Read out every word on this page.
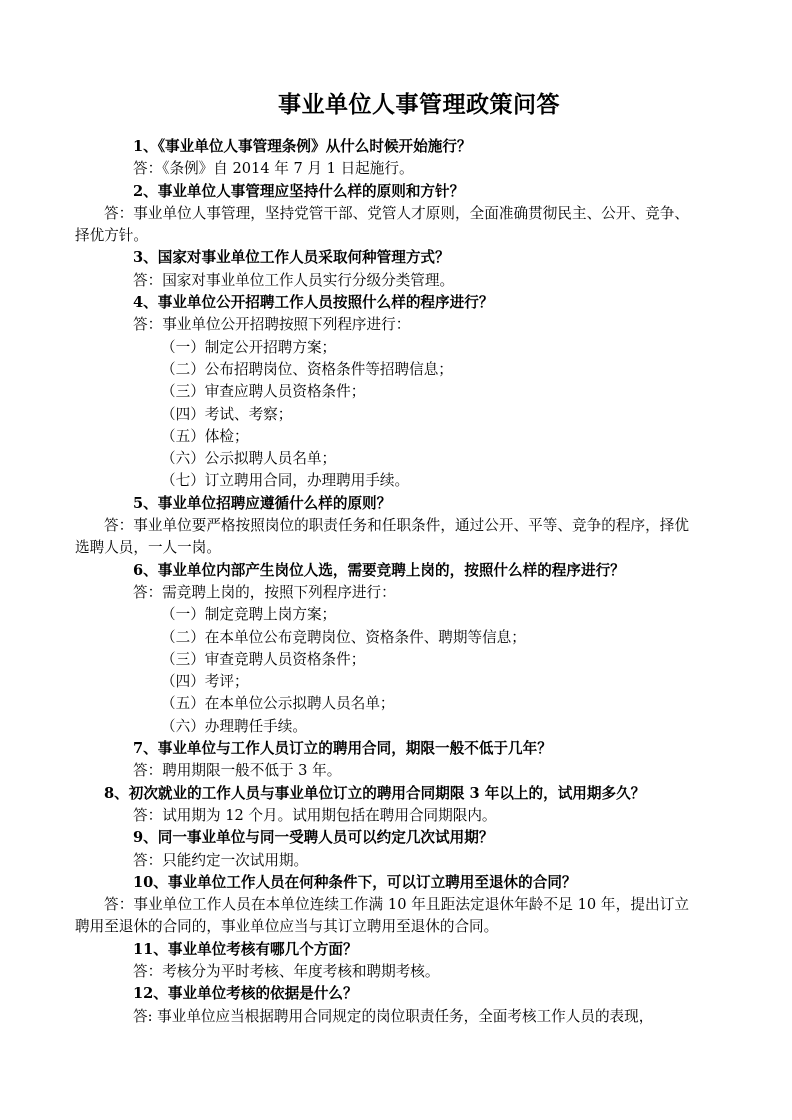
事业单位人事管理政策问答

1、《事业单位人事管理条例》从什么时候开始施行？

答：《条例》自 2014 年 7 月 1 日起施行。

2、事业单位人事管理应坚持什么样的原则和方针？

答：事业单位人事管理，坚持党管干部、党管人才原则，全面准确贯彻民主、公开、竞争、择优方针。

3、国家对事业单位工作人员采取何种管理方式？

答：国家对事业单位工作人员实行分级分类管理。

4、事业单位公开招聘工作人员按照什么样的程序进行？

答：事业单位公开招聘按照下列程序进行：

（一）制定公开招聘方案；

（二）公布招聘岗位、资格条件等招聘信息；

（三）审查应聘人员资格条件；

（四）考试、考察；

（五）体检；

（六）公示拟聘人员名单；

（七）订立聘用合同，办理聘用手续。

5、事业单位招聘应遵循什么样的原则？

答：事业单位要严格按照岗位的职责任务和任职条件，通过公开、平等、竞争的程序，择优选聘人员，一人一岗。

6、事业单位内部产生岗位人选，需要竞聘上岗的，按照什么样的程序进行？

答：需竞聘上岗的，按照下列程序进行：

（一）制定竞聘上岗方案；

（二）在本单位公布竞聘岗位、资格条件、聘期等信息；

（三）审查竞聘人员资格条件；

（四）考评；

（五）在本单位公示拟聘人员名单；

（六）办理聘任手续。

7、事业单位与工作人员订立的聘用合同，期限一般不低于几年？

答：聘用期限一般不低于 3 年。

8、初次就业的工作人员与事业单位订立的聘用合同期限 3 年以上的，试用期多久？

答：试用期为 12 个月。试用期包括在聘用合同期限内。

9、同一事业单位与同一受聘人员可以约定几次试用期？

答：只能约定一次试用期。

10、事业单位工作人员在何种条件下，可以订立聘用至退休的合同？

答：事业单位工作人员在本单位连续工作满 10 年且距法定退休年龄不足 10 年，提出订立聘用至退休的合同的，事业单位应当与其订立聘用至退休的合同。

11、事业单位考核有哪几个方面？

答：考核分为平时考核、年度考核和聘期考核。

12、事业单位考核的依据是什么？

答: 事业单位应当根据聘用合同规定的岗位职责任务，全面考核工作人员的表现，
